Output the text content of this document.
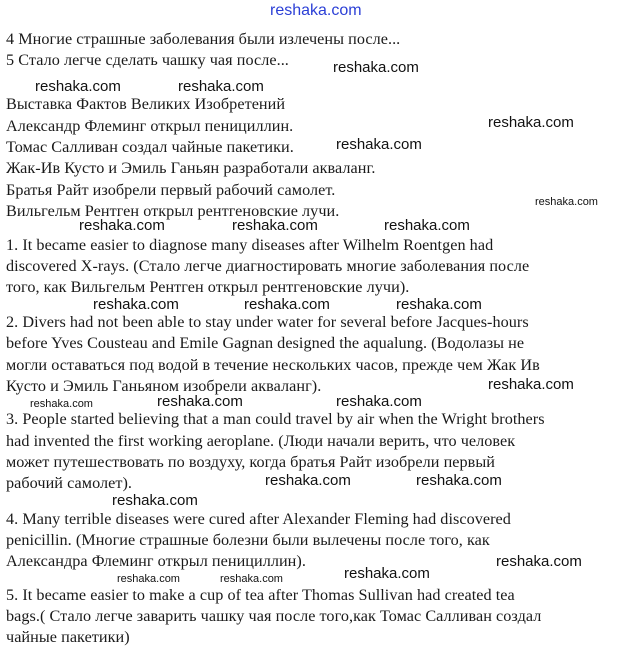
reshaka.com

4 Многие страшные заболевания были излечены после...

5 Стало легче сделать чашку чая после...

Выставка Фактов Великих Изобретений

Александр Флеминг открыл пенициллин.

Томас Салливан создал чайные пакетики.

Жак-Ив Кусто и Эмиль Ганьян разработали акваланг.

Братья Райт изобрели первый рабочий самолет.

Вильгельм Рентген открыл рентгеновские лучи.

1. It became easier to diagnose many diseases after Wilhelm Roentgen had

discovered X-rays. (Стало легче диагностировать многие заболевания после

того, как Вильгельм Рентген открыл рентгеновские лучи).

2. Divers had not been able to stay under water for several before Jacques-hours

before Yves Cousteau and Emile Gagnan designed the aqualung. (Водолазы не

могли оставаться под водой в течение нескольких часов, прежде чем Жак Ив

Кусто и Эмиль Ганьяном изобрели акваланг).

3. People started believing that a man could travel by air when the Wright brothers

had invented the first working aeroplane. (Люди начали верить, что человек

может путешествовать по воздуху, когда братья Райт изобрели первый

рабочий самолет).

4. Many terrible diseases were cured after Alexander Fleming had discovered

penicillin. (Многие страшные болезни были вылечены после того, как

Александра Флеминг открыл пенициллин).

5. It became easier to make a cup of tea after Thomas Sullivan had created tea

bags.( Стало легче заварить чашку чая после того,как Томас Салливан создал

чайные пакетики)

reshaka.com

reshaka.com	reshaka.com

reshaka.com

reshaka.com

reshaka.com

reshaka.com	reshaka.com	reshaka.com

reshaka.com	reshaka.com	reshaka.com

reshaka.com

reshaka.com	reshaka.com	reshaka.com

reshaka.com	reshaka.com

reshaka.com

reshaka.com

reshaka.com

reshaka.com	reshaka.com
